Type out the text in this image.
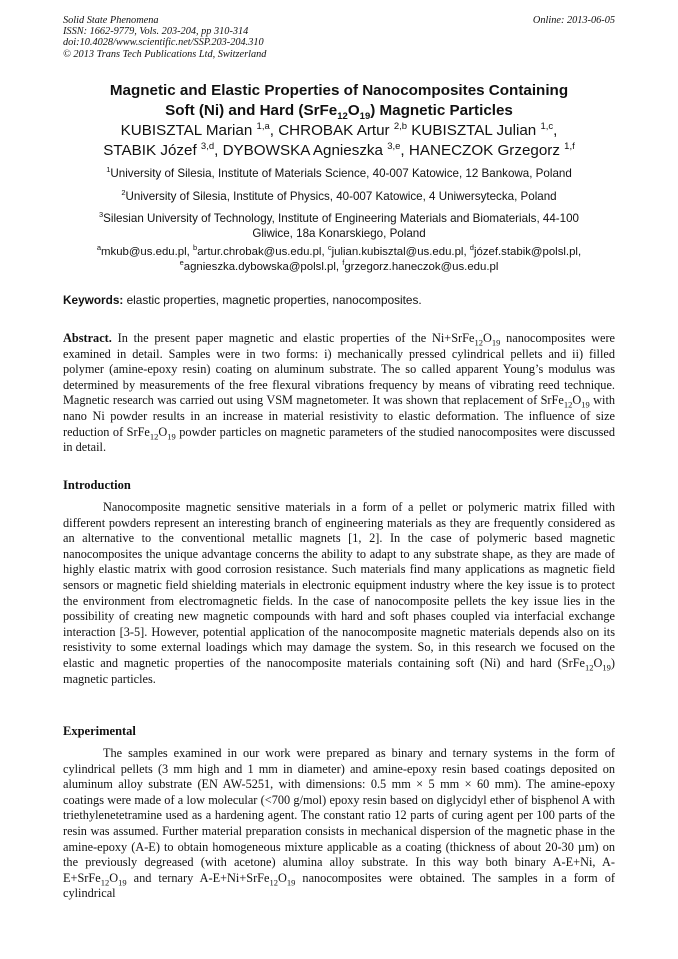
Solid State Phenomena
ISSN: 1662-9779, Vols. 203-204, pp 310-314
doi:10.4028/www.scientific.net/SSP.203-204.310
© 2013 Trans Tech Publications Ltd, Switzerland
Online: 2013-06-05
Magnetic and Elastic Properties of Nanocomposites Containing
Soft (Ni) and Hard $(SrFe_{12}O_{19})$ Magnetic Particles
KUBISZTAL Marian $^{1,a}$, CHROBAK Artur $^{2,b}$ KUBISZTAL Julian $^{1,c}$,
STABIK Józef $^{3,d}$, DYBOWSKA Agnieszka $^{3,e}$, HANECZOK Grzegorz $^{1,f}$
$^1$University of Silesia, Institute of Materials Science, 40-007 Katowice, 12 Bankowa, Poland
$^2$University of Silesia, Institute of Physics, 40-007 Katowice, 4 Uniwersytecka, Poland
$^3$Silesian University of Technology, Institute of Engineering Materials and Biomaterials, 44-100 Gliwice, 18a Konarskiego, Poland
$^a$mkub@us.edu.pl, $^b$artur.chrobak@us.edu.pl, $^c$julian.kubisztal@us.edu.pl, $^d$józef.stabik@polsl.pl,
$^e$agnieszka.dybowska@polsl.pl, $^f$grzegorz.haneczok@us.edu.pl
Keywords: elastic properties, magnetic properties, nanocomposites.
Abstract. In the present paper magnetic and elastic properties of the $Ni+SrFe_{12}O_{19}$ nanocomposites were examined in detail. Samples were in two forms: i) mechanically pressed cylindrical pellets and ii) filled polymer (amine-epoxy resin) coating on aluminum substrate. The so called apparent Young’s modulus was determined by measurements of the free flexural vibrations frequency by means of vibrating reed technique. Magnetic research was carried out using VSM magnetometer. It was shown that replacement of $SrFe_{12}O_{19}$ with nano Ni powder results in an increase in material resistivity to elastic deformation. The influence of size reduction of $SrFe_{12}O_{19}$ powder particles on magnetic parameters of the studied nanocomposites were discussed in detail.
Introduction
Nanocomposite magnetic sensitive materials in a form of a pellet or polymeric matrix filled with different powders represent an interesting branch of engineering materials as they are frequently considered as an alternative to the conventional metallic magnets [1, 2]. In the case of polymeric based magnetic nanocomposites the unique advantage concerns the ability to adapt to any substrate shape, as they are made of highly elastic matrix with good corrosion resistance. Such materials find many applications as magnetic field sensors or magnetic field shielding materials in electronic equipment industry where the key issue is to protect the environment from electromagnetic fields. In the case of nanocomposite pellets the key issue lies in the possibility of creating new magnetic compounds with hard and soft phases coupled via interfacial exchange interaction [3-5]. However, potential application of the nanocomposite magnetic materials depends also on its resistivity to some external loadings which may damage the system. So, in this research we focused on the elastic and magnetic properties of the nanocomposite materials containing soft (Ni) and hard $(SrFe_{12}O_{19})$ magnetic particles.
Experimental
The samples examined in our work were prepared as binary and ternary systems in the form of cylindrical pellets (3 mm high and 1 mm in diameter) and amine-epoxy resin based coatings deposited on aluminum alloy substrate (EN AW-5251, with dimensions: 0.5 mm × 5 mm × 60 mm). The amine-epoxy coatings were made of a low molecular (<700 g/mol) epoxy resin based on diglycidyl ether of bisphenol A with triethylenetetramine used as a hardening agent. The constant ratio 12 parts of curing agent per 100 parts of the resin was assumed. Further material preparation consists in mechanical dispersion of the magnetic phase in the amine-epoxy (A-E) to obtain homogeneous mixture applicable as a coating (thickness of about 20-30 µm) on the previously degreased (with acetone) alumina alloy substrate. In this way both binary A-E+Ni, $A-E+SrFe_{12}O_{19}$ and ternary $A-E+Ni+SrFe_{12}O_{19}$ nanocomposites were obtained. The samples in a form of cylindrical
